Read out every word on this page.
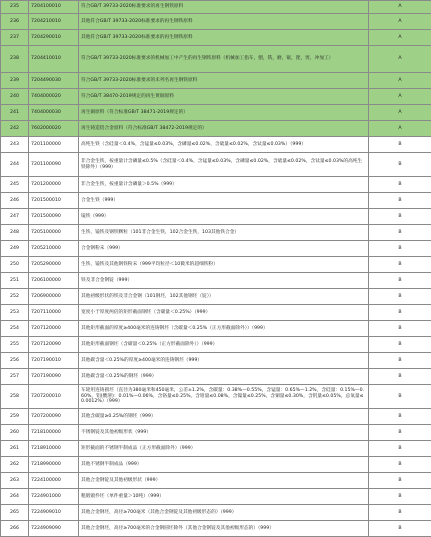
235	7204100010	符合GB/T 39733-2020标准要求的再生钢铁原料	A
236	7204210010	其他符合GB/T 39733-2020标准要求的再生钢铁原料	A
237	7204290010	其他符合GB/T 39733-2020标准要求的再生钢铁原料	A
238	7204410010	符合GB/T 39733-2020标准要求的机械加工中产生的再生钢铁原料（机械加工指车，刨，铣，磨，锯，锉，剪，冲加工）	A
239	7204490030	符合GB/T 39733-2020标准要求的未列名再生钢铁原料	A
240	7404000020	符合GB/T 38470-2019规定的再生黄铜原料	A
241	7404000030	再生铜原料（符合标准GB/T 38471-2019规定的）	A
242	7602000020	再生铸造铝合金原料（符合标准GB/T 38472-2019规定的）	A
243	7201100000	高纯生铁（含硅量＜0.4%，含锰量≤0.03%，含磷量≤0.02%，含硫量≤0.02%，含钛量≤0.03%）（999）	B
244	7201100090	非合金生铁，按重量计含磷量≤0.5%（含硅量＜0.4%，含锰量≤0.03%，含磷量≤0.02%，含硫量≤0.02%，含钛量≤0.03%的高纯生铁除外）（999）	B
245	7201200000	非合金生铁，按重量计含磷量＞0.5%（999）	B
246	7201500010	合金生铁（999）	B
247	7201500090	镜铁（999）	B
248	7205100000	生铁、镜铁及钢铁颗粒（101非合金生铁，102合金生铁，103其他铁合金）	B
249	7205210000	合金钢粉末（999）	B
250	7205290000	生铁、镜铁及其他钢铁粉末（999平均粒径＜10微米的超细铁粉）	B
251	7206100000	铁及非合金钢锭（999）	B
252	7206900000	其他初级形状的铁及非合金钢（101钢坯，102其他钢坯（锭））	B
253	7207110000	宽度小于厚度两倍的矩形截面钢坯（含碳量＜0.25%）（999）	B
254	7207120000	其他矩形截面的厚度≥400毫米的连铸钢坯（含碳量＜0.25%（正方形截面除外））（999）	B
255	7207120090	其他矩形截面钢坯（含碳量＜0.25%（正方形截面除外））（999）	B
256	7207190010	其他碳含量＜0.25%的厚度≥400毫米的连铸钢坯（999）	B
257	7207190090	其他碳含量＜0.25%的钢坯（999）	B
258	7207200010	车轮用连铸圆坯（直径为380毫米和450毫米，公差±1.2%，含碳量：0.38%—0.55%，含锰量：0.65%—1.2%，含硅量：0.15%—0.60%，铝(酸溶)：0.01%—0.06%，含铬量≤0.25%，含钼量≤0.08%，含镍量≤0.25%，含铜量≤0.30%，含钒量≤0.05%，总氧量≤0.0012%）（999）	B
259	7207200090	其他含碳量≥0.25%的钢坯（999）	B
260	7218100000	不锈钢锭及其他初级形状（999）	B
261	7218910000	矩形截面的不锈钢半制成品（正方形截面除外）（999）	B
262	7218990000	其他不锈钢半制成品（999）	B
263	7224100000	其他合金钢锭及其他初级形状（999）	B
264	7224901000	粗锻锻件坯（单件重量＞10吨）（999）	B
265	7224909010	其他合金钢坯，高径≥700毫米（其他合金钢锭及其他初级形态的）（999）	B
266	7224909090	其他合金钢坯，高径≥700毫米的合金钢圆坯除外（其他合金钢锭及其他初级形态的）（999）	B
